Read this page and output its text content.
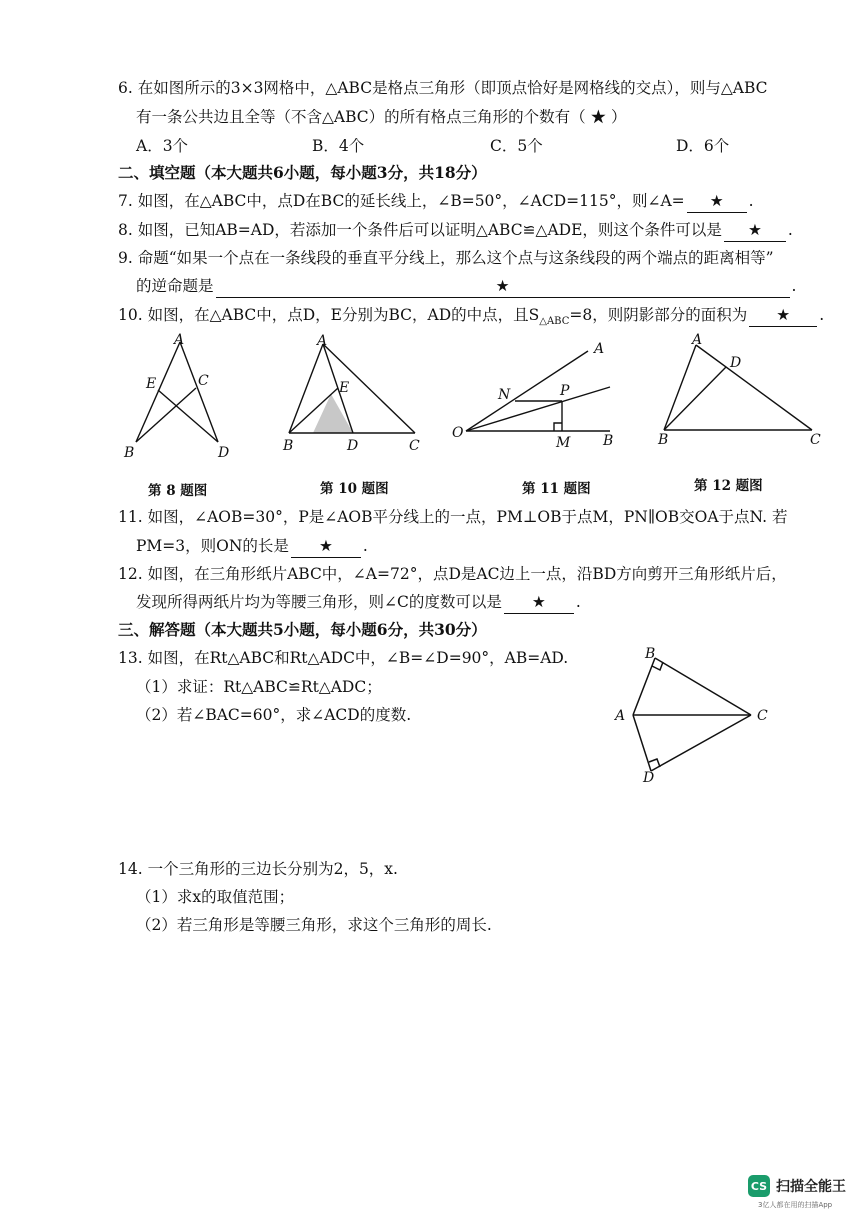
6. 在如图所示的3×3网格中，△ABC是格点三角形（即顶点恰好是网格线的交点），则与△ABC
有一条公共边且全等（不含△ABC）的所有格点三角形的个数有（ ★ ）
A．3个	B．4个	C．5个	D．6个
二、填空题（本大题共6小题，每小题3分，共18分）
7. 如图，在△ABC中，点D在BC的延长线上，∠B=50°，∠ACD=115°，则∠A= ★ .
8. 如图，已知AB=AD，若添加一个条件后可以证明△ABC≌△ADE，则这个条件可以是 ★ .
9. 命题“如果一个点在一条线段的垂直平分线上，那么这个点与这条线段的两个端点的距离相等”
的逆命题是	★	.
10. 如图，在△ABC中，点D，E分别为BC，AD的中点，且$S_{\triangle ABC}=8$，则阴影部分的面积为 ★ .
A
E	C
B	D
第 8 题图
A
E
B	D	C
第 10 题图
A
N	P
O
M B
第 11 题图
A
D
B	C
第 12 题图
11. 如图，∠AOB=30°，P是∠AOB平分线上的一点，PM⊥OB于点M，PN∥OB交OA于点N. 若
PM=3，则ON的长是 ★ .
12. 如图，在三角形纸片ABC中，∠A=72°，点D是AC边上一点，沿BD方向剪开三角形纸片后，
发现所得两纸片均为等腰三角形，则∠C的度数可以是 ★ .
三、解答题（本大题共5小题，每小题6分，共30分）
13. 如图，在Rt△ABC和Rt△ADC中，∠B=∠D=90°，AB=AD.
（1）求证：Rt△ABC≌Rt△ADC；
（2）若∠BAC=60°，求∠ACD的度数.
B
A	C
D
14. 一个三角形的三边长分别为2，5，x.
（1）求x的取值范围；
（2）若三角形是等腰三角形，求这个三角形的周长.
CS 扫描全能王
3亿人都在用的扫描App
